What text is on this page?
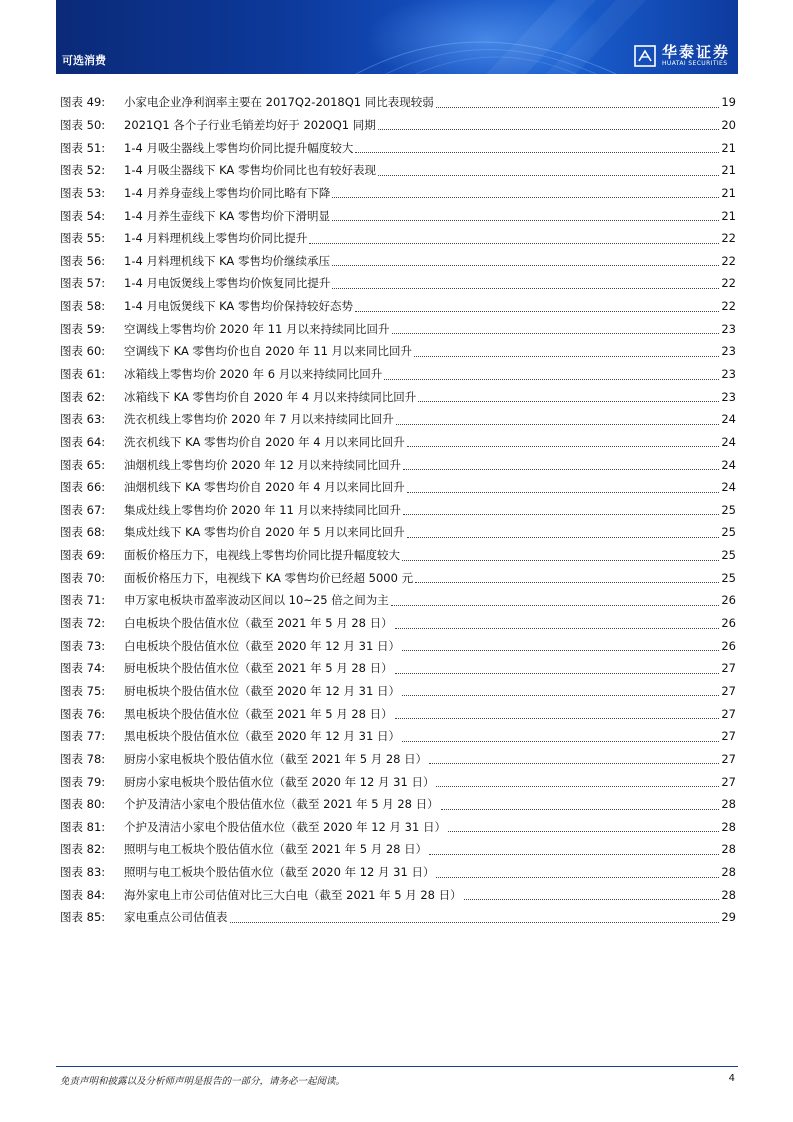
可选消费	华泰证券
HUATAI SECURITIES
图表 49:	小家电企业净利润率主要在 2017Q2-2018Q1 同比表现较弱	19
图表 50:	2021Q1 各个子行业毛销差均好于 2020Q1 同期	20
图表 51:	1-4 月吸尘器线上零售均价同比提升幅度较大	21
图表 52:	1-4 月吸尘器线下 KA 零售均价同比也有较好表现	21
图表 53:	1-4 月养身壶线上零售均价同比略有下降	21
图表 54:	1-4 月养生壶线下 KA 零售均价下滑明显	21
图表 55:	1-4 月料理机线上零售均价同比提升	22
图表 56:	1-4 月料理机线下 KA 零售均价继续承压	22
图表 57:	1-4 月电饭煲线上零售均价恢复同比提升	22
图表 58:	1-4 月电饭煲线下 KA 零售均价保持较好态势	22
图表 59:	空调线上零售均价 2020 年 11 月以来持续同比回升	23
图表 60:	空调线下 KA 零售均价也自 2020 年 11 月以来同比回升	23
图表 61:	冰箱线上零售均价 2020 年 6 月以来持续同比回升	23
图表 62:	冰箱线下 KA 零售均价自 2020 年 4 月以来持续同比回升	23
图表 63:	洗衣机线上零售均价 2020 年 7 月以来持续同比回升	24
图表 64:	洗衣机线下 KA 零售均价自 2020 年 4 月以来同比回升	24
图表 65:	油烟机线上零售均价 2020 年 12 月以来持续同比回升	24
图表 66:	油烟机线下 KA 零售均价自 2020 年 4 月以来同比回升	24
图表 67:	集成灶线上零售均价 2020 年 11 月以来持续同比回升	25
图表 68:	集成灶线下 KA 零售均价自 2020 年 5 月以来同比回升	25
图表 69:	面板价格压力下，电视线上零售均价同比提升幅度较大	25
图表 70:	面板价格压力下，电视线下 KA 零售均价已经超 5000 元	25
图表 71:	申万家电板块市盈率波动区间以 10~25 倍之间为主	26
图表 72:	白电板块个股估值水位（截至 2021 年 5 月 28 日）	26
图表 73:	白电板块个股估值水位（截至 2020 年 12 月 31 日）	26
图表 74:	厨电板块个股估值水位（截至 2021 年 5 月 28 日）	27
图表 75:	厨电板块个股估值水位（截至 2020 年 12 月 31 日）	27
图表 76:	黑电板块个股估值水位（截至 2021 年 5 月 28 日）	27
图表 77:	黑电板块个股估值水位（截至 2020 年 12 月 31 日）	27
图表 78:	厨房小家电板块个股估值水位（截至 2021 年 5 月 28 日）	27
图表 79:	厨房小家电板块个股估值水位（截至 2020 年 12 月 31 日）	27
图表 80:	个护及清洁小家电个股估值水位（截至 2021 年 5 月 28 日）	28
图表 81:	个护及清洁小家电个股估值水位（截至 2020 年 12 月 31 日）	28
图表 82:	照明与电工板块个股估值水位（截至 2021 年 5 月 28 日）	28
图表 83:	照明与电工板块个股估值水位（截至 2020 年 12 月 31 日）	28
图表 84:	海外家电上市公司估值对比三大白电（截至 2021 年 5 月 28 日）	28
图表 85:	家电重点公司估值表	29
免责声明和披露以及分析师声明是报告的一部分，请务必一起阅读。	4
